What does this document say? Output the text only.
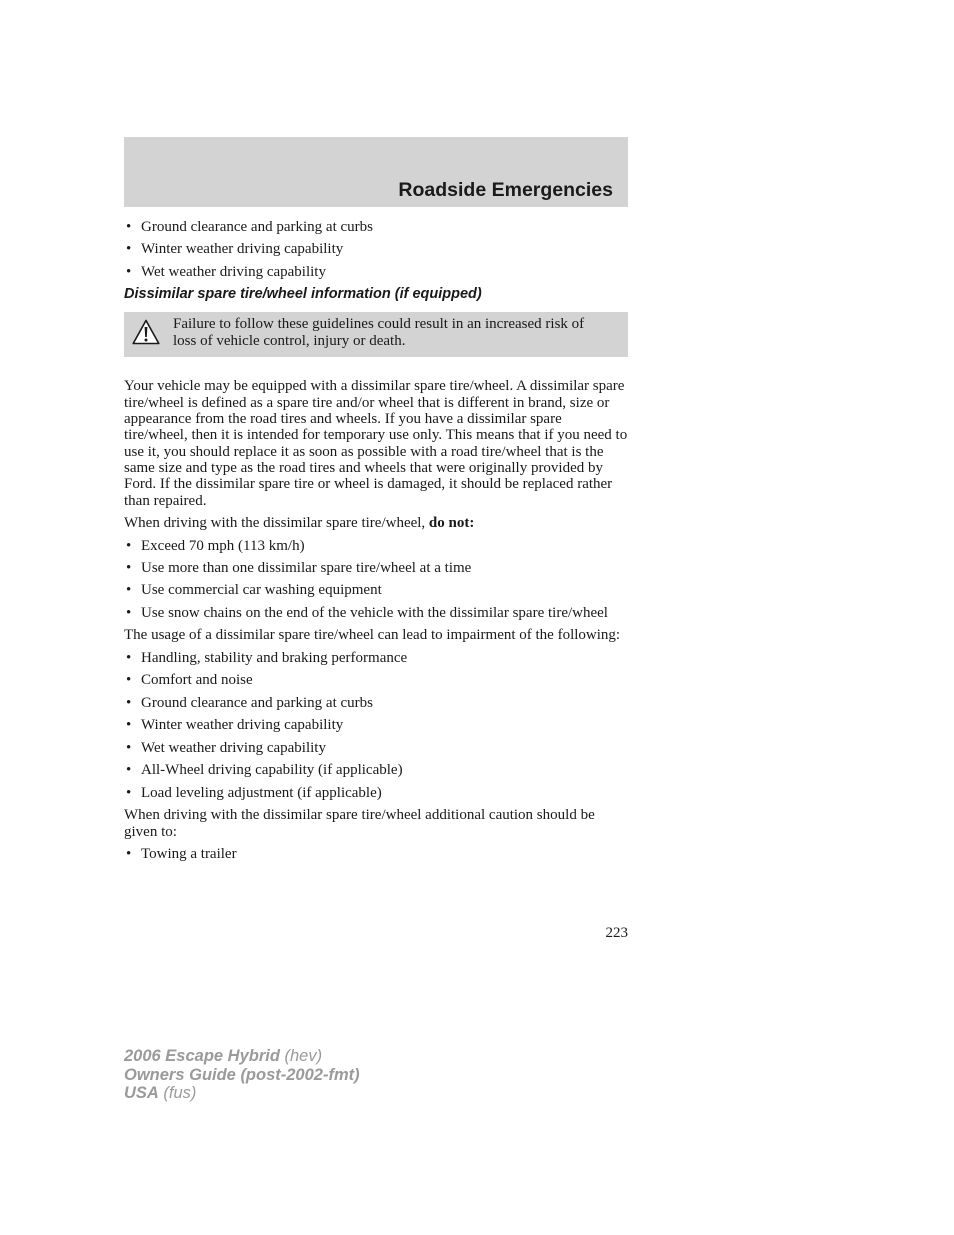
Roadside Emergencies
• Ground clearance and parking at curbs
• Winter weather driving capability
• Wet weather driving capability
Dissimilar spare tire/wheel information (if equipped)
Failure to follow these guidelines could result in an increased risk of loss of vehicle control, injury or death.

Your vehicle may be equipped with a dissimilar spare tire/wheel. A dissimilar spare tire/wheel is defined as a spare tire and/or wheel that is different in brand, size or appearance from the road tires and wheels. If you have a dissimilar spare tire/wheel, then it is intended for temporary use only. This means that if you need to use it, you should replace it as soon as possible with a road tire/wheel that is the same size and type as the road tires and wheels that were originally provided by Ford. If the dissimilar spare tire or wheel is damaged, it should be replaced rather than repaired.

When driving with the dissimilar spare tire/wheel, do not:

• Exceed 70 mph (113 km/h)
• Use more than one dissimilar spare tire/wheel at a time
• Use commercial car washing equipment
• Use snow chains on the end of the vehicle with the dissimilar spare tire/wheel

The usage of a dissimilar spare tire/wheel can lead to impairment of the following:

• Handling, stability and braking performance
• Comfort and noise
• Ground clearance and parking at curbs
• Winter weather driving capability
• Wet weather driving capability
• All-Wheel driving capability (if applicable)
• Load leveling adjustment (if applicable)

When driving with the dissimilar spare tire/wheel additional caution should be given to:

• Towing a trailer
223
2006 Escape Hybrid (hev)
Owners Guide (post-2002-fmt)
USA (fus)
